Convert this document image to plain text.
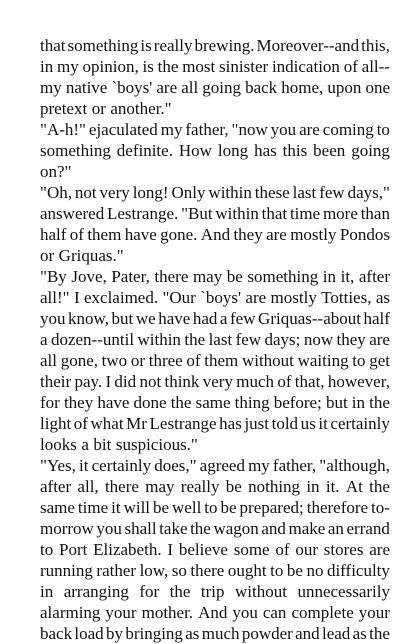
that something is really brewing. Moreover--and this,
in my opinion, is the most sinister indication of all--
my native `boys' are all going back home, upon one
pretext or another."
"A-h!" ejaculated my father, "now you are coming to
something definite. How long has this been going
on?"
"Oh, not very long! Only within these last few days,"
answered Lestrange. "But within that time more than
half of them have gone. And they are mostly Pondos
or Griquas."
"By Jove, Pater, there may be something in it, after
all!" I exclaimed. "Our `boys' are mostly Totties, as
you know, but we have had a few Griquas--about half
a dozen--until within the last few days; now they are
all gone, two or three of them without waiting to get
their pay. I did not think very much of that, however,
for they have done the same thing before; but in the
light of what Mr Lestrange has just told us it certainly
looks a bit suspicious."
"Yes, it certainly does," agreed my father, "although,
after all, there may really be nothing in it. At the
same time it will be well to be prepared; therefore to-
morrow you shall take the wagon and make an errand
to Port Elizabeth. I believe some of our stores are
running rather low, so there ought to be no difficulty
in arranging for the trip without unnecessarily
alarming your mother. And you can complete your
back load by bringing as much powder and lead as the
